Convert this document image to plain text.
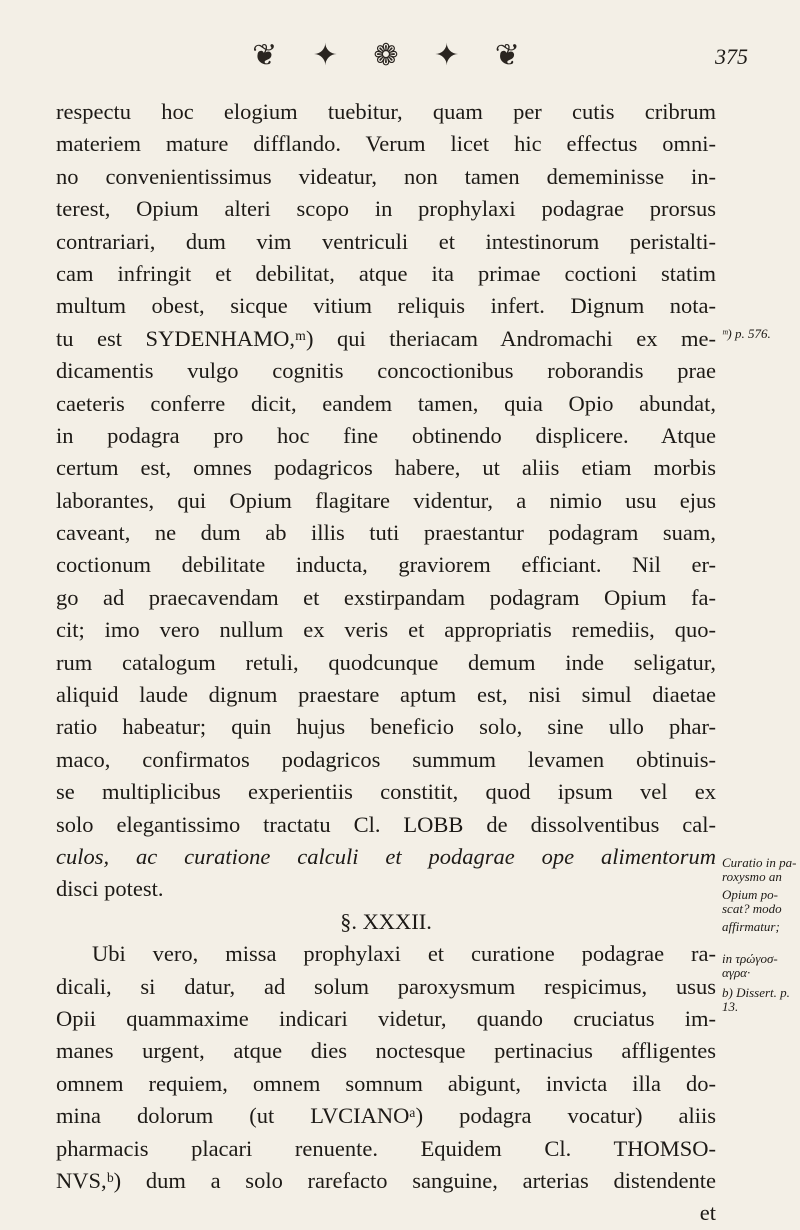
❦ ✦ ❁ ✦ ❦	375
respectu hoc elogium tuebitur, quam per cutis cribrum
materiem mature difflando. Verum licet hic effectus omni-
no convenientissimus videatur, non tamen dememinisse in-
terest, Opium alteri scopo in prophylaxi podagrae prorsus
contrariari, dum vim ventriculi et intestinorum peristalti-
cam infringit et debilitat, atque ita primae coctioni statim
multum obest, sicque vitium reliquis infert. Dignum nota-
tu est SYDENHAMO,ᵐ) qui theriacam Andromachi ex me-
dicamentis vulgo cognitis concoctionibus roborandis prae
caeteris conferre dicit, eandem tamen, quia Opio abundat,
in podagra pro hoc fine obtinendo displicere. Atque
certum est, omnes podagricos habere, ut aliis etiam morbis
laborantes, qui Opium flagitare videntur, a nimio usu ejus
caveant, ne dum ab illis tuti praestantur podagram suam,
coctionum debilitate inducta, graviorem efficiant. Nil er-
go ad praecavendam et exstirpandam podagram Opium fa-
cit; imo vero nullum ex veris et appropriatis remediis, quo-
rum catalogum retuli, quodcunque demum inde seligatur,
aliquid laude dignum praestare aptum est, nisi simul diaetae
ratio habeatur; quin hujus beneficio solo, sine ullo phar-
maco, confirmatos podagricos summum levamen obtinuis-
se multiplicibus experientiis constitit, quod ipsum vel ex
solo elegantissimo tractatu Cl. LOBB de dissolventibus cal-
culos, ac curatione calculi et podagrae ope alimentorum
disci potest.
§. XXXII.
Ubi vero, missa prophylaxi et curatione podagrae ra-
dicali, si datur, ad solum paroxysmum respicimus, usus
Opii quammaxime indicari videtur, quando cruciatus im-
manes urgent, atque dies noctesque pertinacius affligentes
omnem requiem, omnem somnum abigunt, invicta illa do-
mina dolorum (ut LVCIANOᵃ) podagra vocatur) aliis
pharmacis placari renuente. Equidem Cl. THOMSO-
NVS,ᵇ) dum a solo rarefacto sanguine, arterias distendente
et
ᵐ) p. 576.
Curatio in pa-
roxysmo an
Opium po-
scat? modo
affirmatur;
in τρώγοσ-
αγρα·
b) Dissert. p.
13.
